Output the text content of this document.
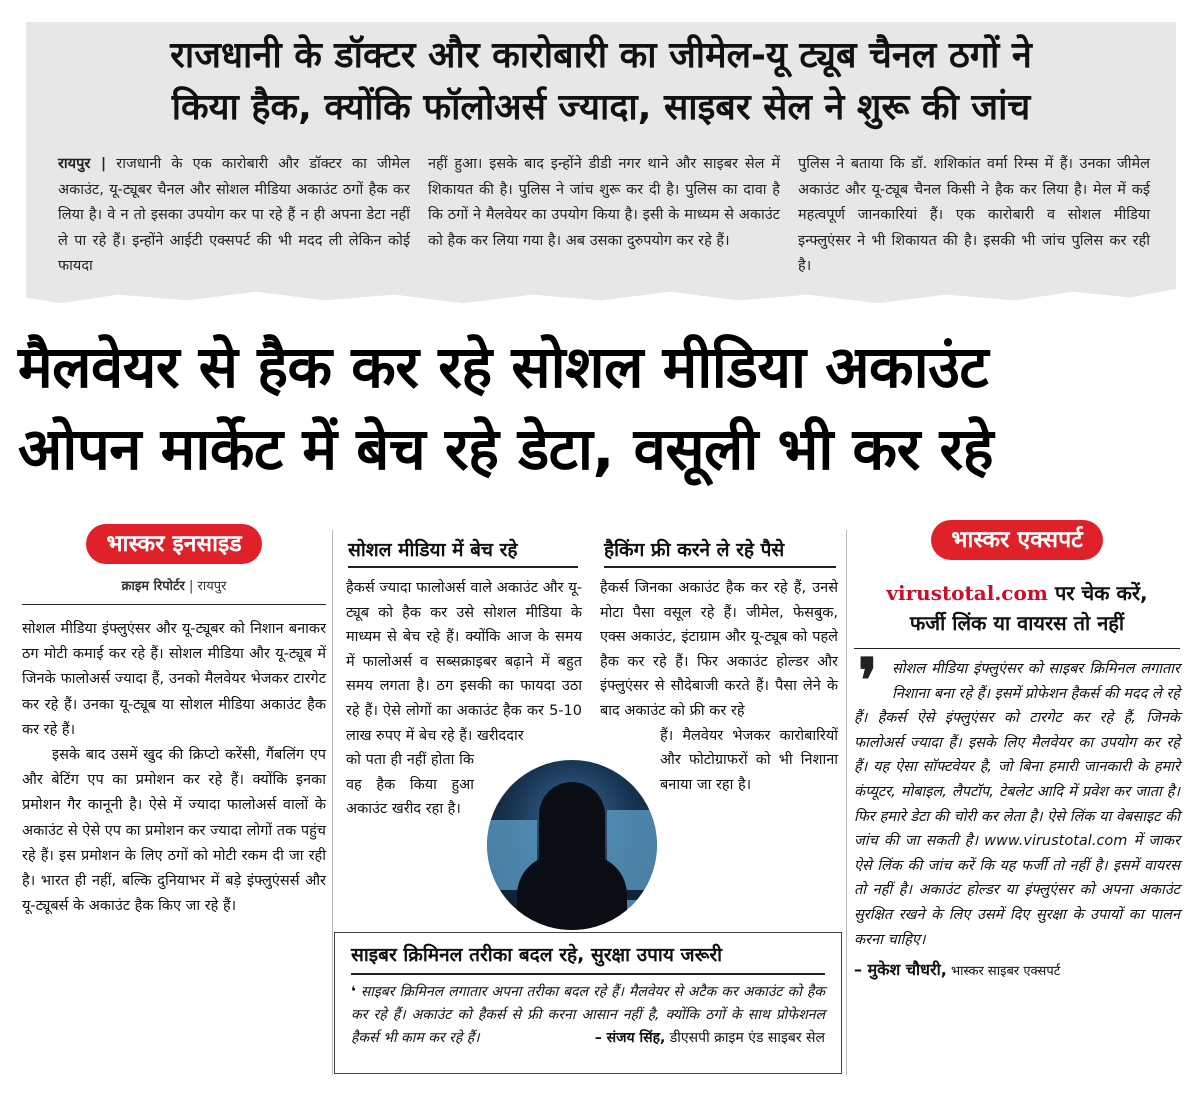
राजधानी के डॉक्टर और कारोबारी का जीमेल-यू ट्यूब चैनल ठगों ने
किया हैक, क्योंकि फॉलोअर्स ज्यादा, साइबर सेल ने शुरू की जांच

रायपुर | राजधानी के एक कारोबारी और डॉक्टर का जीमेल अकाउंट, यू-ट्यूबर चैनल और सोशल मीडिया अकाउंट ठगों हैक कर लिया है। वे न तो इसका उपयोग कर पा रहे हैं न ही अपना डेटा नहीं ले पा रहे हैं। इन्होंने आईटी एक्सपर्ट की भी मदद ली लेकिन कोई फायदा

नहीं हुआ। इसके बाद इन्होंने डीडी नगर थाने और साइबर सेल में शिकायत की है। पुलिस ने जांच शुरू कर दी है। पुलिस का दावा है कि ठगों ने मैलवेयर का उपयोग किया है। इसी के माध्यम से अकाउंट को हैक कर लिया गया है। अब उसका दुरुपयोग कर रहे हैं।

पुलिस ने बताया कि डॉ. शशिकांत वर्मा रिम्स में हैं। उनका जीमेल अकाउंट और यू-ट्यूब चैनल किसी ने हैक कर लिया है। मेल में कई महत्वपूर्ण जानकारियां हैं। एक कारोबारी व सोशल मीडिया इन्फ्लुएंसर ने भी शिकायत की है। इसकी भी जांच पुलिस कर रही है।

मैलवेयर से हैक कर रहे सोशल मीडिया अकाउंट
ओपन मार्केट में बेच रहे डेटा, वसूली भी कर रहे
भास्कर इनसाइड
क्राइम रिपोर्टर | रायपुर

सोशल मीडिया इंफ्लुएंसर और यू-ट्यूबर को निशान बनाकर ठग मोटी कमाई कर रहे हैं। सोशल मीडिया और यू-ट्यूब में जिनके फालोअर्स ज्यादा हैं, उनको मैलवेयर भेजकर टारगेट कर रहे हैं। उनका यू-ट्यूब या सोशल मीडिया अकाउंट हैक कर रहे हैं।

इसके बाद उसमें खुद की क्रिप्टो करेंसी, गैंबलिंग एप और बेटिंग एप का प्रमोशन कर रहे हैं। क्योंकि इनका प्रमोशन गैर कानूनी है। ऐसे में ज्यादा फालोअर्स वालों के अकाउंट से ऐसे एप का प्रमोशन कर ज्यादा लोगों तक पहुंच रहे हैं। इस प्रमोशन के लिए ठगों को मोटी रकम दी जा रही है। भारत ही नहीं, बल्कि दुनियाभर में बड़े इंफ्लुएंसर्स और यू-ट्यूबर्स के अकाउंट हैक किए जा रहे हैं।

सोशल मीडिया में बेच रहे

हैकर्स ज्यादा फालोअर्स वाले अकाउंट और यू-ट्यूब को हैक कर उसे सोशल मीडिया के माध्यम से बेच रहे हैं। क्योंकि आज के समय में फालोअर्स व सब्सक्राइबर बढ़ाने में बहुत समय लगता है। ठग इसकी का फायदा उठा रहे हैं। ऐसे लोगों का अकाउंट हैक कर 5-10 लाख रुपए में बेच रहे हैं। खरीददार

को पता ही नहीं होता कि वह हैक किया हुआ अकाउंट खरीद रहा है।

हैकिंग फ्री करने ले रहे पैसे

हैकर्स जिनका अकाउंट हैक कर रहे हैं, उनसे मोटा पैसा वसूल रहे हैं। जीमेल, फेसबुक, एक्स अकाउंट, इंटाग्राम और यू-ट्यूब को पहले हैक कर रहे हैं। फिर अकाउंट होल्डर और इंफ्लुएंसर से सौदेबाजी करते हैं। पैसा लेने के बाद अकाउंट को फ्री कर रहे

हैं। मैलवेयर भेजकर कारोबारियों और फोटोग्राफरों को भी निशाना बनाया जा रहा है।

साइबर क्रिमिनल तरीका बदल रहे, सुरक्षा उपाय जरूरी

❛ साइबर क्रिमिनल लगातार अपना तरीका बदल रहे हैं। मैलवेयर से अटैक कर अकाउंट को हैक कर रहे हैं। अकाउंट को हैकर्स से फ्री करना आसान नहीं है, क्योंकि ठगों के साथ प्रोफेशनल हैकर्स भी काम कर रहे हैं।	– संजय सिंह, डीएसपी क्राइम एंड साइबर सेल

भास्कर एक्सपर्ट
virustotal.com पर चेक करें,
फर्जी लिंक या वायरस तो नहीं
❜	सोशल मीडिया इंफ्लुएंसर को साइबर क्रिमिनल लगातार निशाना बना रहे हैं। इसमें प्रोफेशन हैकर्स की मदद ले रहे हैं। हैकर्स ऐसे इंफ्लुएंसर को टारगेट कर रहे हैं, जिनके फालोअर्स ज्यादा हैं। इसके लिए मैलवेयर का उपयोग कर रहे हैं। यह ऐसा सॉफ्टवेयर है, जो बिना हमारी जानकारी के हमारे कंप्यूटर, मोबाइल, लैपटॉप, टेबलेट आदि में प्रवेश कर जाता है। फिर हमारे डेटा की चोरी कर लेता है। ऐसे लिंक या वेबसाइट की जांच की जा सकती है। www.virustotal.com में जाकर ऐसे लिंक की जांच करें कि यह फर्जी तो नहीं है। इसमें वायरस तो नहीं है। अकाउंट होल्डर या इंफ्लुएंसर को अपना अकाउंट सुरक्षित रखने के लिए उसमें दिए सुरक्षा के उपायों का पालन करना चाहिए।

– मुकेश चौधरी, भास्कर साइबर एक्सपर्ट
